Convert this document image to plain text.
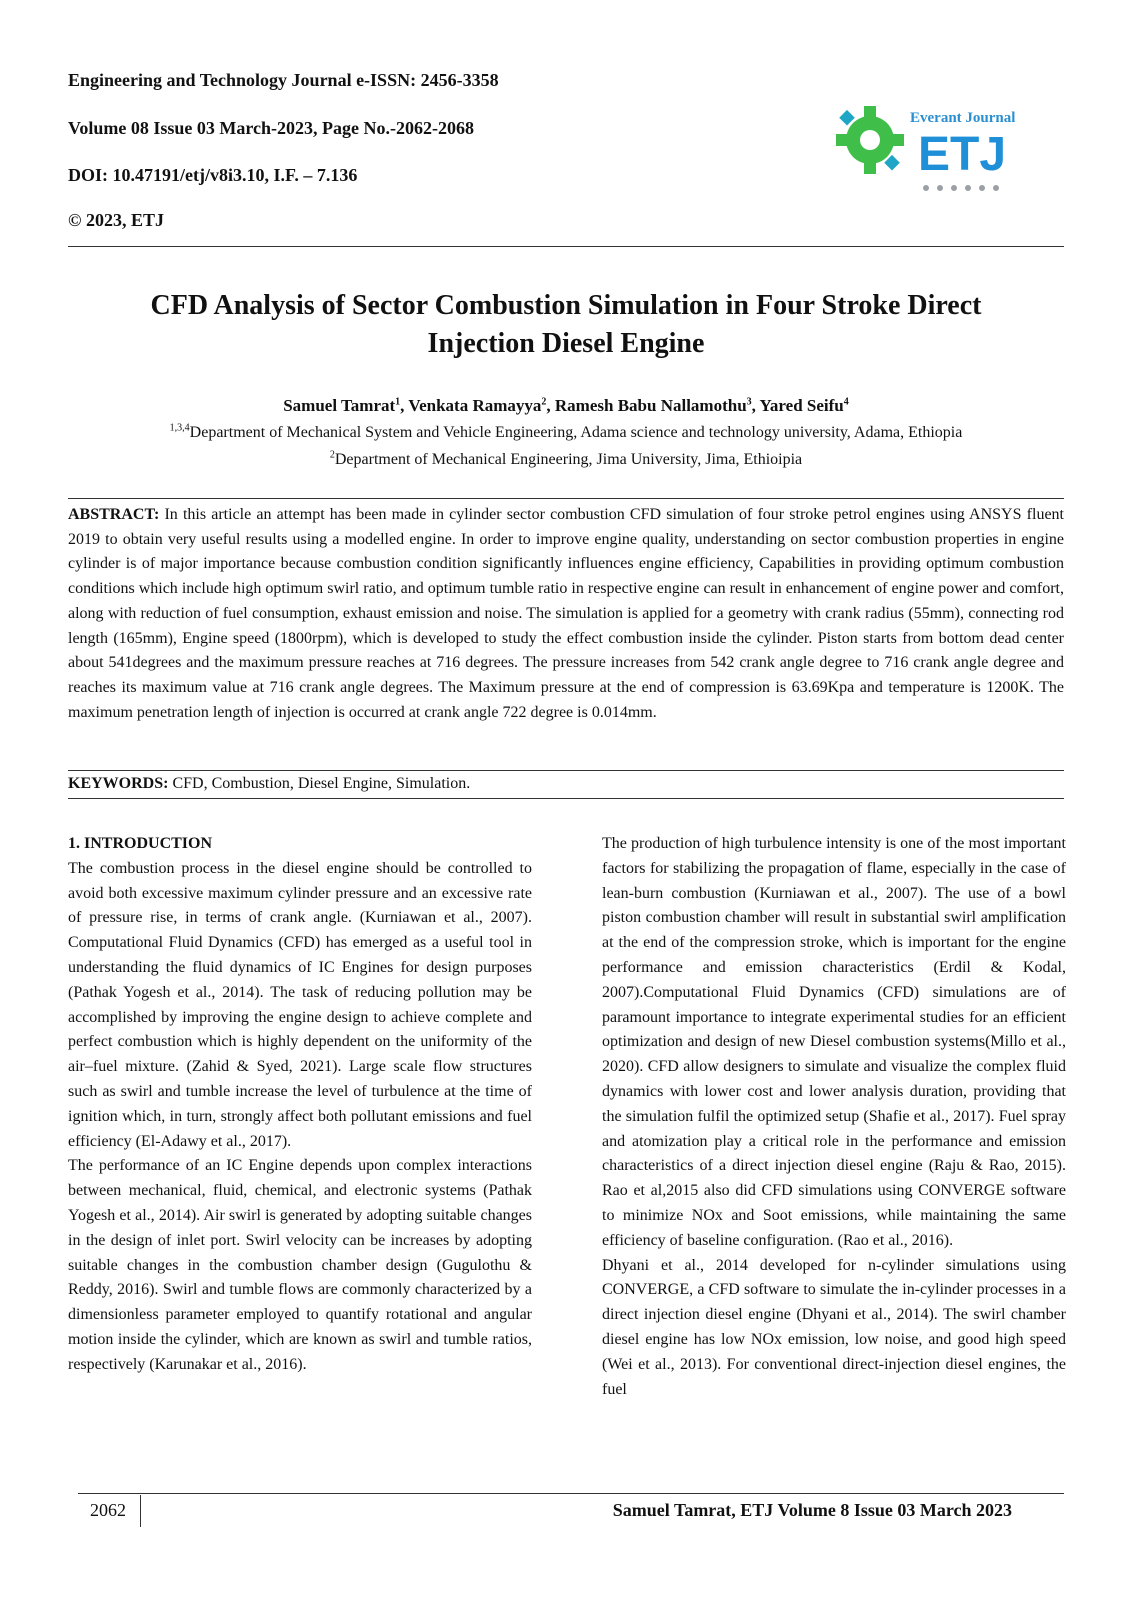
Engineering and Technology Journal e-ISSN: 2456-3358
Volume 08 Issue 03 March-2023, Page No.-2062-2068
DOI: 10.47191/etj/v8i3.10, I.F. – 7.136
© 2023, ETJ
Everant Journal
ETJ
CFD Analysis of Sector Combustion Simulation in Four Stroke Direct
Injection Diesel Engine
Samuel Tamrat$^1$, Venkata Ramayya$^2$, Ramesh Babu Nallamothu$^3$, Yared Seifu$^4$
$^{1,3,4}$Department of Mechanical System and Vehicle Engineering, Adama science and technology university, Adama, Ethiopia
$^2$Department of Mechanical Engineering, Jima University, Jima, Ethioipia
ABSTRACT: In this article an attempt has been made in cylinder sector combustion CFD simulation of four stroke petrol engines using ANSYS fluent 2019 to obtain very useful results using a modelled engine. In order to improve engine quality, understanding on sector combustion properties in engine cylinder is of major importance because combustion condition significantly influences engine efficiency, Capabilities in providing optimum combustion conditions which include high optimum swirl ratio, and optimum tumble ratio in respective engine can result in enhancement of engine power and comfort, along with reduction of fuel consumption, exhaust emission and noise. The simulation is applied for a geometry with crank radius (55mm), connecting rod length (165mm), Engine speed (1800rpm), which is developed to study the effect combustion inside the cylinder. Piston starts from bottom dead center about 541degrees and the maximum pressure reaches at 716 degrees. The pressure increases from 542 crank angle degree to 716 crank angle degree and reaches its maximum value at 716 crank angle degrees. The Maximum pressure at the end of compression is 63.69Kpa and temperature is 1200K. The maximum penetration length of injection is occurred at crank angle 722 degree is 0.014mm.
KEYWORDS: CFD, Combustion, Diesel Engine, Simulation.

1. INTRODUCTION

The combustion process in the diesel engine should be controlled to avoid both excessive maximum cylinder pressure and an excessive rate of pressure rise, in terms of crank angle. (Kurniawan et al., 2007). Computational Fluid Dynamics (CFD) has emerged as a useful tool in understanding the fluid dynamics of IC Engines for design purposes (Pathak Yogesh et al., 2014). The task of reducing pollution may be accomplished by improving the engine design to achieve complete and perfect combustion which is highly dependent on the uniformity of the air–fuel mixture. (Zahid & Syed, 2021). Large scale flow structures such as swirl and tumble increase the level of turbulence at the time of ignition which, in turn, strongly affect both pollutant emissions and fuel efficiency (El-Adawy et al., 2017).

The performance of an IC Engine depends upon complex interactions between mechanical, fluid, chemical, and electronic systems (Pathak Yogesh et al., 2014). Air swirl is generated by adopting suitable changes in the design of inlet port. Swirl velocity can be increases by adopting suitable changes in the combustion chamber design (Gugulothu & Reddy, 2016). Swirl and tumble flows are commonly characterized by a dimensionless parameter employed to quantify rotational and angular motion inside the cylinder, which are known as swirl and tumble ratios, respectively (Karunakar et al., 2016).

The production of high turbulence intensity is one of the most important factors for stabilizing the propagation of flame, especially in the case of lean-burn combustion (Kurniawan et al., 2007). The use of a bowl piston combustion chamber will result in substantial swirl amplification at the end of the compression stroke, which is important for the engine performance and emission characteristics (Erdil & Kodal, 2007).Computational Fluid Dynamics (CFD) simulations are of paramount importance to integrate experimental studies for an efficient optimization and design of new Diesel combustion systems(Millo et al., 2020). CFD allow designers to simulate and visualize the complex fluid dynamics with lower cost and lower analysis duration, providing that the simulation fulfil the optimized setup (Shafie et al., 2017). Fuel spray and atomization play a critical role in the performance and emission characteristics of a direct injection diesel engine (Raju & Rao, 2015). Rao et al,2015 also did CFD simulations using CONVERGE software to minimize NOx and Soot emissions, while maintaining the same efficiency of baseline configuration. (Rao et al., 2016).

Dhyani et al., 2014 developed for n-cylinder simulations using CONVERGE, a CFD software to simulate the in-cylinder processes in a direct injection diesel engine (Dhyani et al., 2014). The swirl chamber diesel engine has low NOx emission, low noise, and good high speed (Wei et al., 2013). For conventional direct-injection diesel engines, the fuel

2062	Samuel Tamrat, ETJ Volume 8 Issue 03 March 2023
